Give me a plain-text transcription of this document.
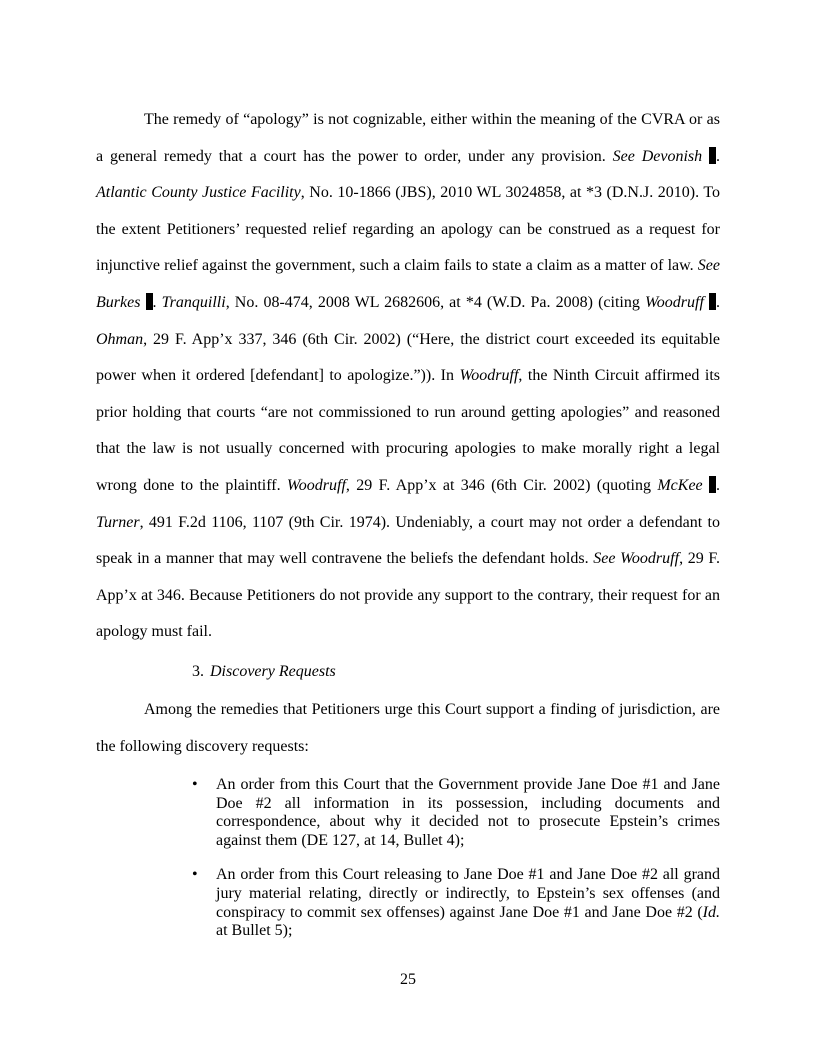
The remedy of “apology” is not cognizable, either within the meaning of the CVRA or as a general remedy that a court has the power to order, under any provision. See Devonish . Atlantic County Justice Facility, No. 10-1866 (JBS), 2010 WL 3024858, at *3 (D.N.J. 2010). To the extent Petitioners’ requested relief regarding an apology can be construed as a request for injunctive relief against the government, such a claim fails to state a claim as a matter of law. See Burkes . Tranquilli, No. 08-474, 2008 WL 2682606, at *4 (W.D. Pa. 2008) (citing Woodruff . Ohman, 29 F. App’x 337, 346 (6th Cir. 2002) (“Here, the district court exceeded its equitable power when it ordered [defendant] to apologize.”)). In Woodruff, the Ninth Circuit affirmed its prior holding that courts “are not commissioned to run around getting apologies” and reasoned that the law is not usually concerned with procuring apologies to make morally right a legal wrong done to the plaintiff. Woodruff, 29 F. App’x at 346 (6th Cir. 2002) (quoting McKee . Turner, 491 F.2d 1106, 1107 (9th Cir. 1974). Undeniably, a court may not order a defendant to speak in a manner that may well contravene the beliefs the defendant holds. See Woodruff, 29 F. App’x at 346. Because Petitioners do not provide any support to the contrary, their request for an apology must fail.

3. Discovery Requests

Among the remedies that Petitioners urge this Court support a finding of jurisdiction, are the following discovery requests:

• An order from this Court that the Government provide Jane Doe #1 and Jane Doe #2 all information in its possession, including documents and correspondence, about why it decided not to prosecute Epstein’s crimes against them (DE 127, at 14, Bullet 4);
• An order from this Court releasing to Jane Doe #1 and Jane Doe #2 all grand jury material relating, directly or indirectly, to Epstein’s sex offenses (and conspiracy to commit sex offenses) against Jane Doe #1 and Jane Doe #2 (Id. at Bullet 5);

25
